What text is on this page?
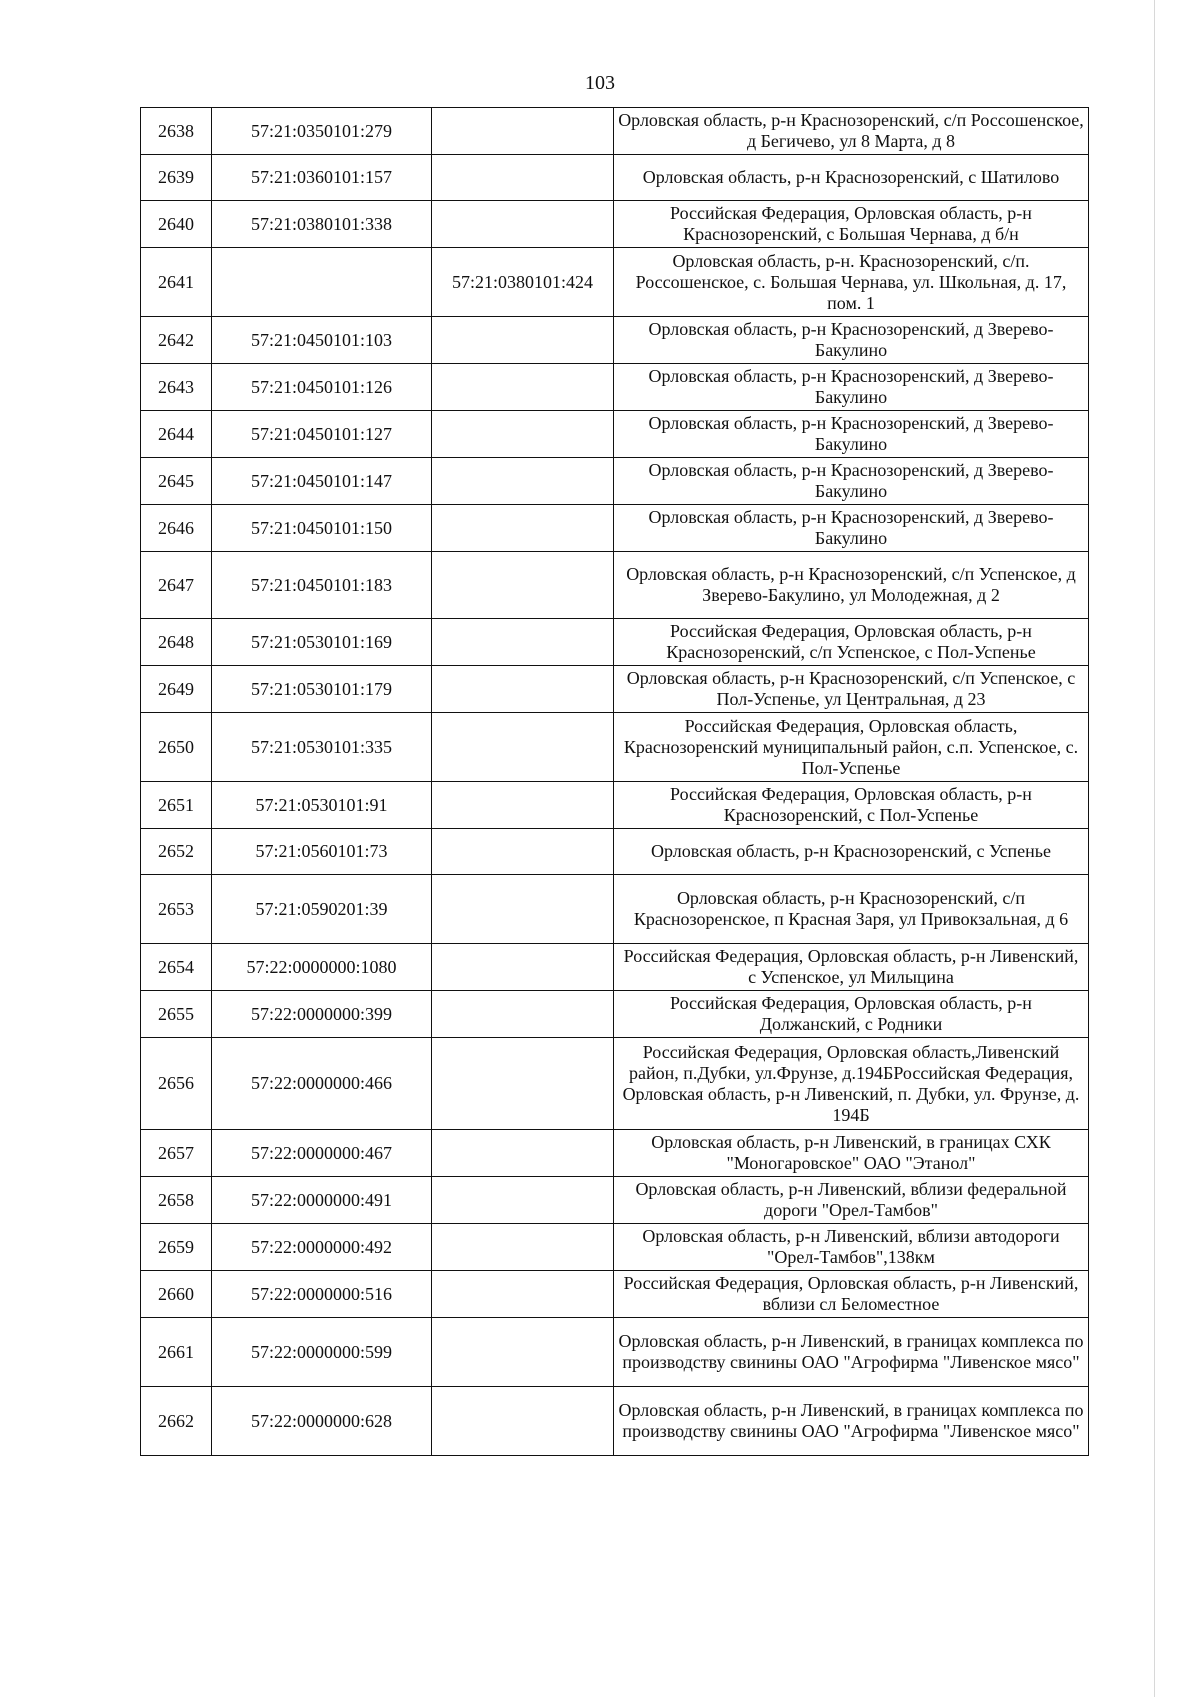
103
2638	57:21:0350101:279		Орловская область, р-н Краснозоренский, с/п Россошенское, д Бегичево, ул 8 Марта, д 8
2639	57:21:0360101:157		Орловская область, р-н Краснозоренский, с Шатилово
2640	57:21:0380101:338		Российская Федерация, Орловская область, р-н Краснозоренский, с Большая Чернава, д б/н
2641		57:21:0380101:424	Орловская область, р-н. Краснозоренский, с/п. Россошенское, с. Большая Чернава, ул. Школьная, д. 17, пом. 1
2642	57:21:0450101:103		Орловская область, р-н Краснозоренский, д Зверево-Бакулино
2643	57:21:0450101:126		Орловская область, р-н Краснозоренский, д Зверево-Бакулино
2644	57:21:0450101:127		Орловская область, р-н Краснозоренский, д Зверево-Бакулино
2645	57:21:0450101:147		Орловская область, р-н Краснозоренский, д Зверево-Бакулино
2646	57:21:0450101:150		Орловская область, р-н Краснозоренский, д Зверево-Бакулино
2647	57:21:0450101:183		Орловская область, р-н Краснозоренский, с/п Успенское, д Зверево-Бакулино, ул Молодежная, д 2
2648	57:21:0530101:169		Российская Федерация, Орловская область, р-н Краснозоренский, с/п Успенское, с Пол-Успенье
2649	57:21:0530101:179		Орловская область, р-н Краснозоренский, с/п Успенское, с Пол-Успенье, ул Центральная, д 23
2650	57:21:0530101:335		Российская Федерация, Орловская область, Краснозоренский муниципальный район, с.п. Успенское, с. Пол-Успенье
2651	57:21:0530101:91		Российская Федерация, Орловская область, р-н Краснозоренский, с Пол-Успенье
2652	57:21:0560101:73		Орловская область, р-н Краснозоренский, с Успенье
2653	57:21:0590201:39		Орловская область, р-н Краснозоренский, с/п Краснозоренское, п Красная Заря, ул Привокзальная, д 6
2654	57:22:0000000:1080		Российская Федерация, Орловская область, р-н Ливенский, с Успенское, ул Милыцина
2655	57:22:0000000:399		Российская Федерация, Орловская область, р-н Должанский, с Родники
2656	57:22:0000000:466		Российская Федерация, Орловская область,Ливенский район, п.Дубки, ул.Фрунзе, д.194БРоссийская Федерация, Орловская область, р-н Ливенский, п. Дубки, ул. Фрунзе, д. 194Б
2657	57:22:0000000:467		Орловская область, р-н Ливенский, в границах СХК "Моногаровское" ОАО "Этанол"
2658	57:22:0000000:491		Орловская область, р-н Ливенский, вблизи федеральной дороги "Орел-Тамбов"
2659	57:22:0000000:492		Орловская область, р-н Ливенский, вблизи автодороги "Орел-Тамбов",138км
2660	57:22:0000000:516		Российская Федерация, Орловская область, р-н Ливенский, вблизи сл Беломестное
2661	57:22:0000000:599		Орловская область, р-н Ливенский, в границах комплекса по производству свинины ОАО "Агрофирма "Ливенское мясо"
2662	57:22:0000000:628		Орловская область, р-н Ливенский, в границах комплекса по производству свинины ОАО "Агрофирма "Ливенское мясо"
